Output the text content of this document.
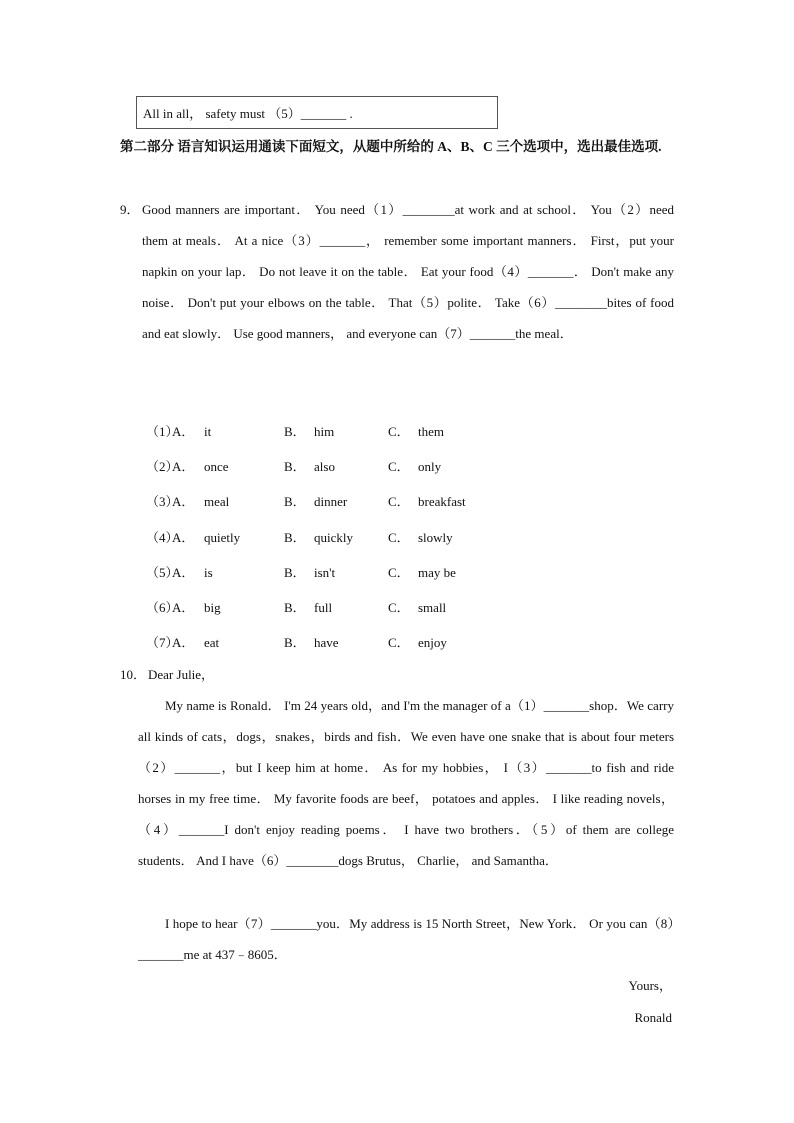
All in all， safety must （5）_______ .
第二部分 语言知识运用通读下面短文，从题中所给的 A、B、C 三个选项中，选出最佳选项.
9． Good manners are important． You need（1）________at work and at school． You（2）need them at meals． At a nice（3）_______， remember some important manners． First，put your napkin on your lap． Do not leave it on the table． Eat your food（4）_______． Don't make any noise． Don't put your elbows on the table． That（5）polite． Take（6）________bites of food and eat slowly． Use good manners， and everyone can（7）_______the meal．
（1）
A． it	B． him	C． them
（2）
A． once	B． also	C． only
（3）
A． meal	B． dinner	C． breakfast
（4）
A． quietly	B． quickly	C． slowly
（5）
A． is	B． isn't	C． may be
（6）
A． big	B． full	C． small
（7）
A． eat	B． have	C． enjoy
10． Dear Julie，
My name is Ronald． I'm 24 years old，and I'm the manager of a（1）_______shop．We carry all kinds of cats，dogs，snakes，birds and fish．We even have one snake that is about four meters（2）_______，but I keep him at home． As for my hobbies， I（3）_______to fish and ride horses in my free time． My favorite foods are beef， potatoes and apples． I like reading novels，（4）_______I don't enjoy reading poems． I have two brothers．（5）of them are college students． And I have（6）________dogs Brutus， Charlie， and Samantha．
I hope to hear（7）_______you．My address is 15 North Street，New York． Or you can（8）_______me at 437﹣8605．
Yours，
Ronald
